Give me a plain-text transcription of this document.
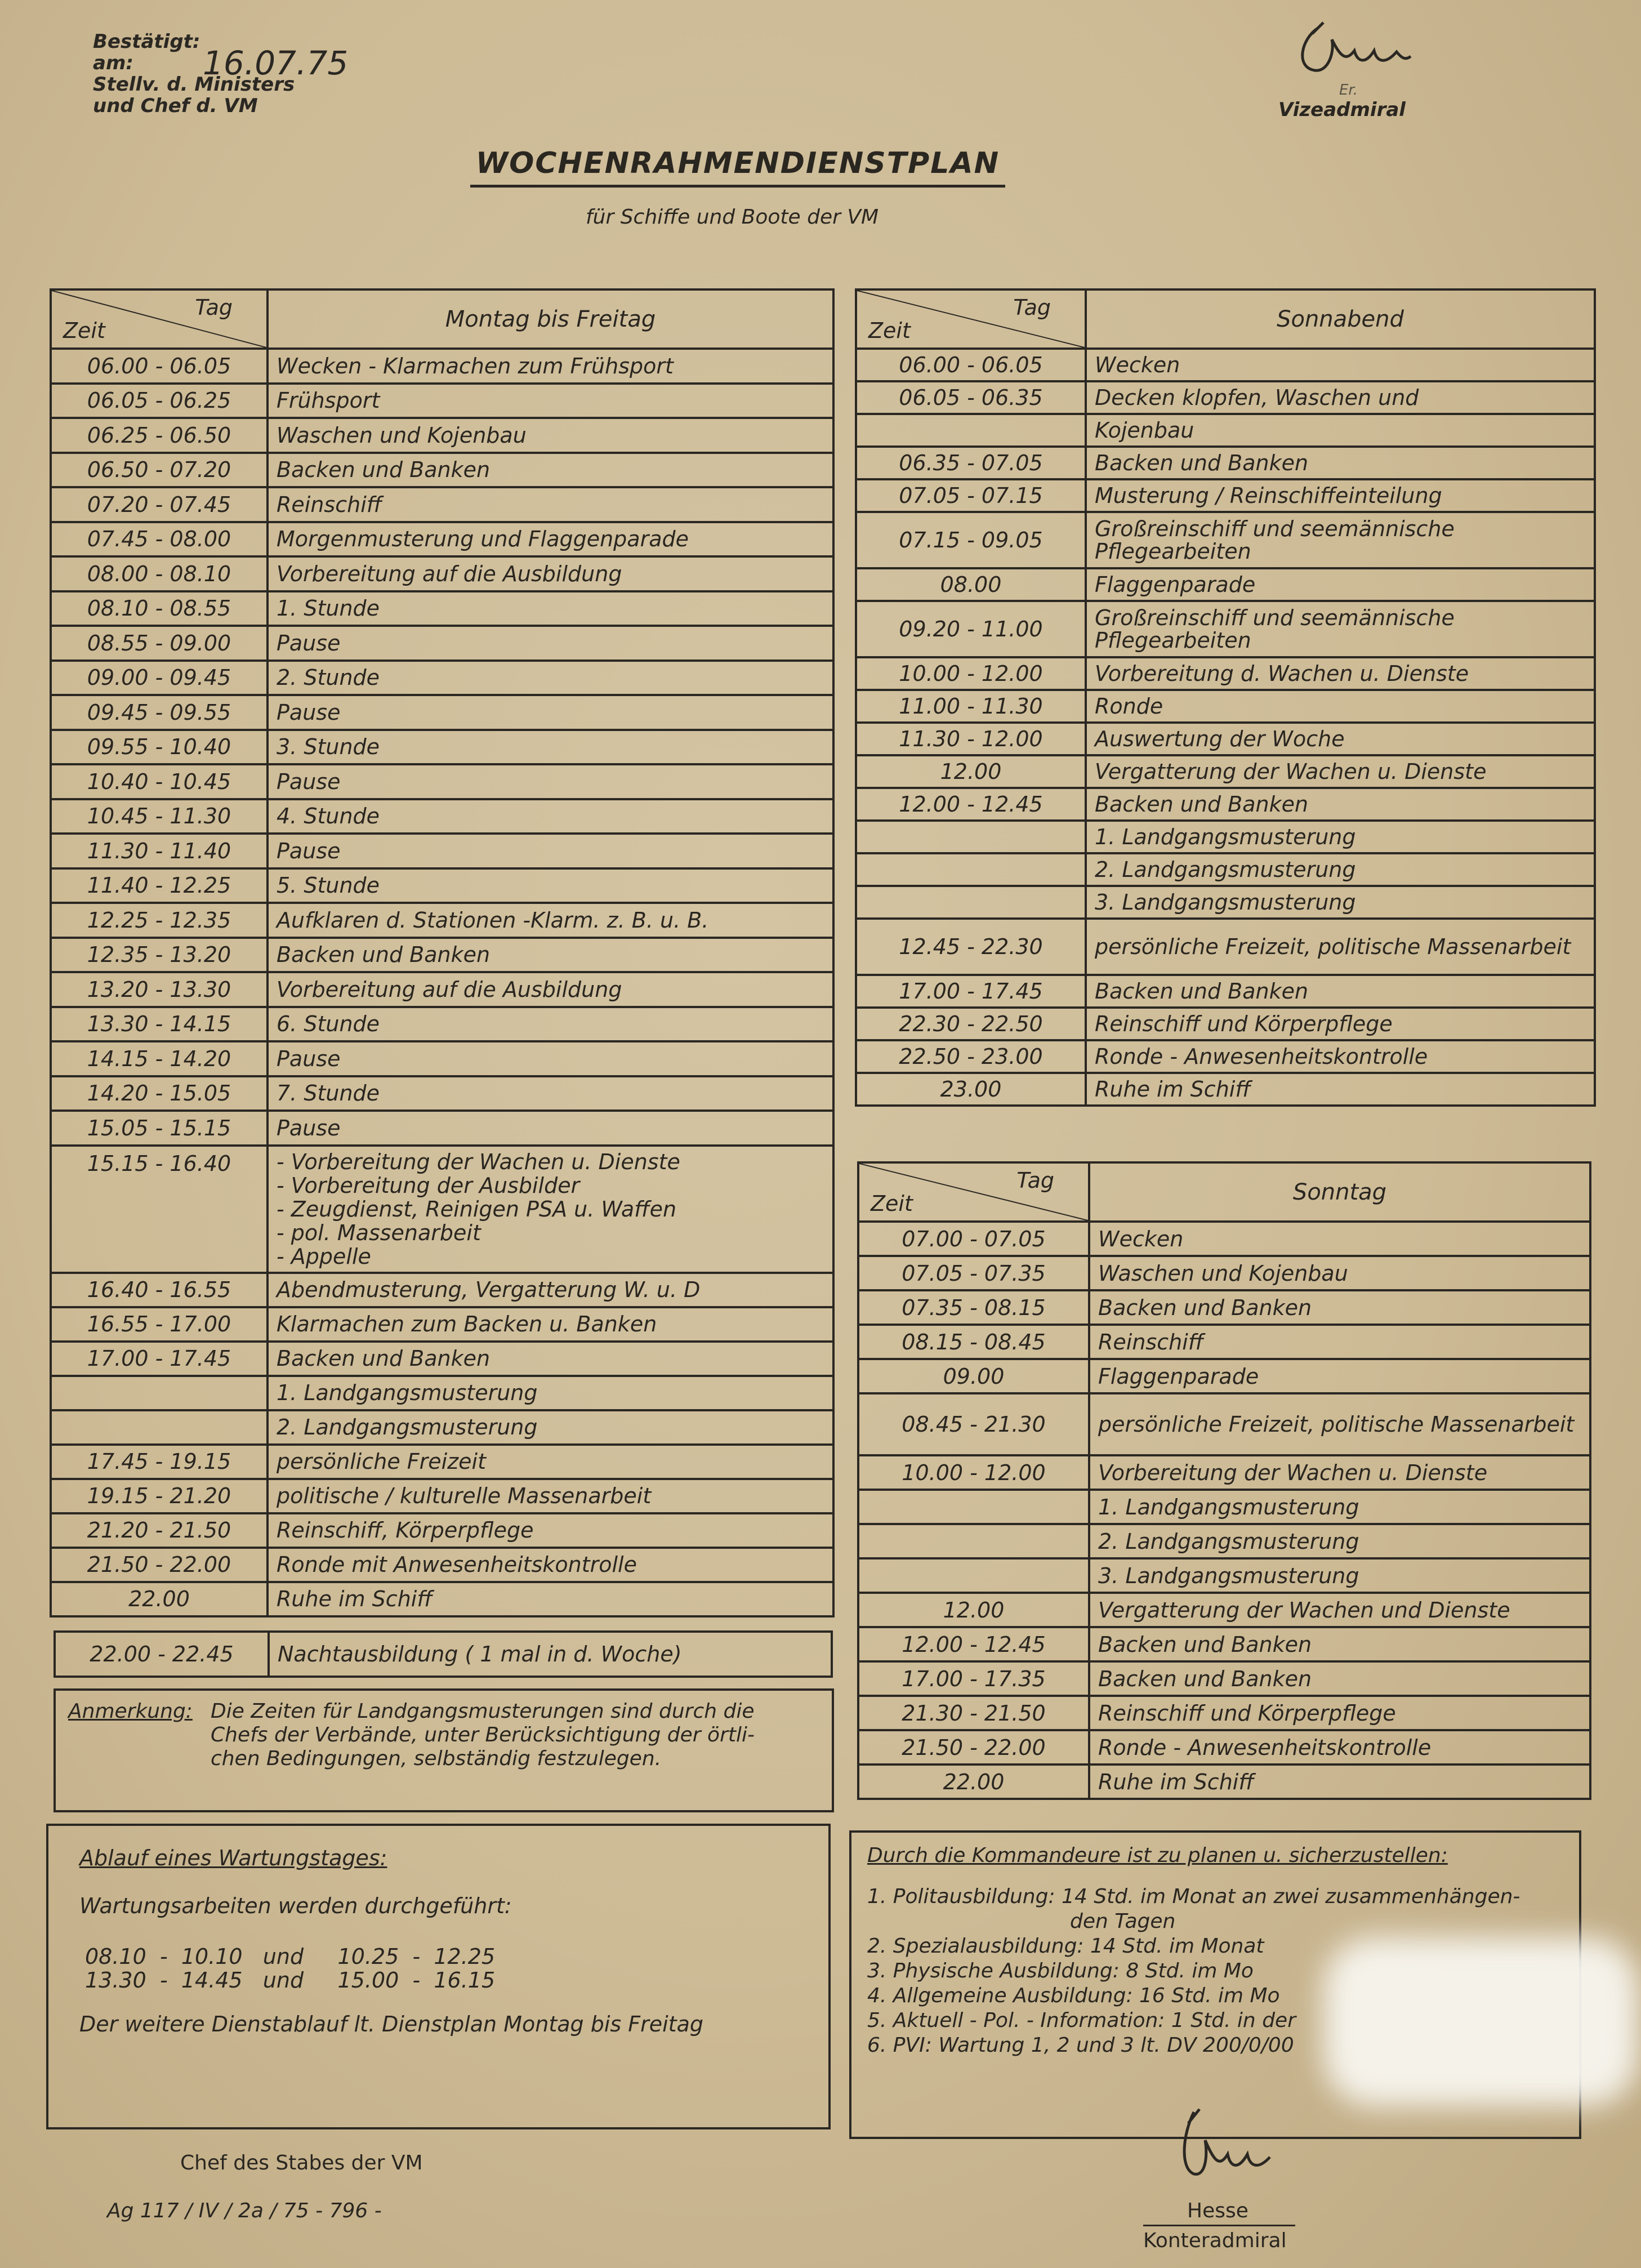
Bestätigt:
am:
Stellv. d. Ministers
und Chef d. VM
16.07.75
Er.
Vizeadmiral
WOCHENRAHMENDIENSTPLAN
für Schiffe und Boote der VM
Tag
Zeit	Montag bis Freitag
06.00 - 06.05	Wecken - Klarmachen zum Frühsport
06.05 - 06.25	Frühsport
06.25 - 06.50	Waschen und Kojenbau
06.50 - 07.20	Backen und Banken
07.20 - 07.45	Reinschiff
07.45 - 08.00	Morgenmusterung und Flaggenparade
08.00 - 08.10	Vorbereitung auf die Ausbildung
08.10 - 08.55	1. Stunde
08.55 - 09.00	Pause
09.00 - 09.45	2. Stunde
09.45 - 09.55	Pause
09.55 - 10.40	3. Stunde
10.40 - 10.45	Pause
10.45 - 11.30	4. Stunde
11.30 - 11.40	Pause
11.40 - 12.25	5. Stunde
12.25 - 12.35	Aufklaren d. Stationen -Klarm. z. B. u. B.
12.35 - 13.20	Backen und Banken
13.20 - 13.30	Vorbereitung auf die Ausbildung
13.30 - 14.15	6. Stunde
14.15 - 14.20	Pause
14.20 - 15.05	7. Stunde
15.05 - 15.15	Pause
15.15 - 16.40	- Vorbereitung der Wachen u. Dienste
- Vorbereitung der Ausbilder
- Zeugdienst, Reinigen PSA u. Waffen
- pol. Massenarbeit
- Appelle

16.40 - 16.55	Abendmusterung, Vergatterung W. u. D
16.55 - 17.00	Klarmachen zum Backen u. Banken
17.00 - 17.45	Backen und Banken
	1. Landgangsmusterung
	2. Landgangsmusterung
17.45 - 19.15	persönliche Freizeit
19.15 - 21.20	politische / kulturelle Massenarbeit
21.20 - 21.50	Reinschiff, Körperpflege
21.50 - 22.00	Ronde mit Anwesenheitskontrolle
22.00	Ruhe im Schiff
22.00 - 22.45	Nachtausbildung ( 1 mal in d. Woche)
Anmerkung: Die Zeiten für Landgangsmusterungen sind durch die
Chefs der Verbände, unter Berücksichtigung der örtli-
chen Bedingungen, selbständig festzulegen.
Ablauf eines Wartungstages:
Wartungsarbeiten werden durchgeführt:
08.10  -  10.10   und     10.25  -  12.25
13.30  -  14.45   und     15.00  -  16.15
Der weitere Dienstablauf lt. Dienstplan Montag bis Freitag
Tag
Zeit	Sonnabend
06.00 - 06.05	Wecken
06.05 - 06.35	Decken klopfen, Waschen und
	Kojenbau
06.35 - 07.05	Backen und Banken
07.05 - 07.15	Musterung / Reinschiffeinteilung
07.15 - 09.05	Großreinschiff und seemännische Pflegearbeiten
08.00	Flaggenparade
09.20 - 11.00	Großreinschiff und seemännische Pflegearbeiten
10.00 - 12.00	Vorbereitung d. Wachen u. Dienste
11.00 - 11.30	Ronde
11.30 - 12.00	Auswertung der Woche
12.00	Vergatterung der Wachen u. Dienste
12.00 - 12.45	Backen und Banken
	1. Landgangsmusterung
	2. Landgangsmusterung
	3. Landgangsmusterung
12.45 - 22.30	persönliche Freizeit, politische Massenarbeit
17.00 - 17.45	Backen und Banken
22.30 - 22.50	Reinschiff und Körperpflege
22.50 - 23.00	Ronde - Anwesenheitskontrolle
23.00	Ruhe im Schiff
Tag
Zeit	Sonntag
07.00 - 07.05	Wecken
07.05 - 07.35	Waschen und Kojenbau
07.35 - 08.15	Backen und Banken
08.15 - 08.45	Reinschiff
09.00	Flaggenparade
08.45 - 21.30	persönliche Freizeit, politische Massenarbeit
10.00 - 12.00	Vorbereitung der Wachen u. Dienste
	1. Landgangsmusterung
	2. Landgangsmusterung
	3. Landgangsmusterung
12.00	Vergatterung der Wachen und Dienste
12.00 - 12.45	Backen und Banken
17.00 - 17.35	Backen und Banken
21.30 - 21.50	Reinschiff und Körperpflege
21.50 - 22.00	Ronde - Anwesenheitskontrolle
22.00	Ruhe im Schiff
Durch die Kommandeure ist zu planen u. sicherzustellen:
1. Politausbildung: 14 Std. im Monat an zwei zusammenhängen-
den Tagen
2. Spezialausbildung: 14 Std. im Monat
3. Physische Ausbildung: 8 Std. im Mo
4. Allgemeine Ausbildung: 16 Std. im Mo
5. Aktuell - Pol. - Information: 1 Std. in der
6. PVI: Wartung 1, 2 und 3 lt. DV 200/0/00
Chef des Stabes der VM
Ag 117 / IV / 2a / 75 - 796 -	Hesse
Konteradmiral
